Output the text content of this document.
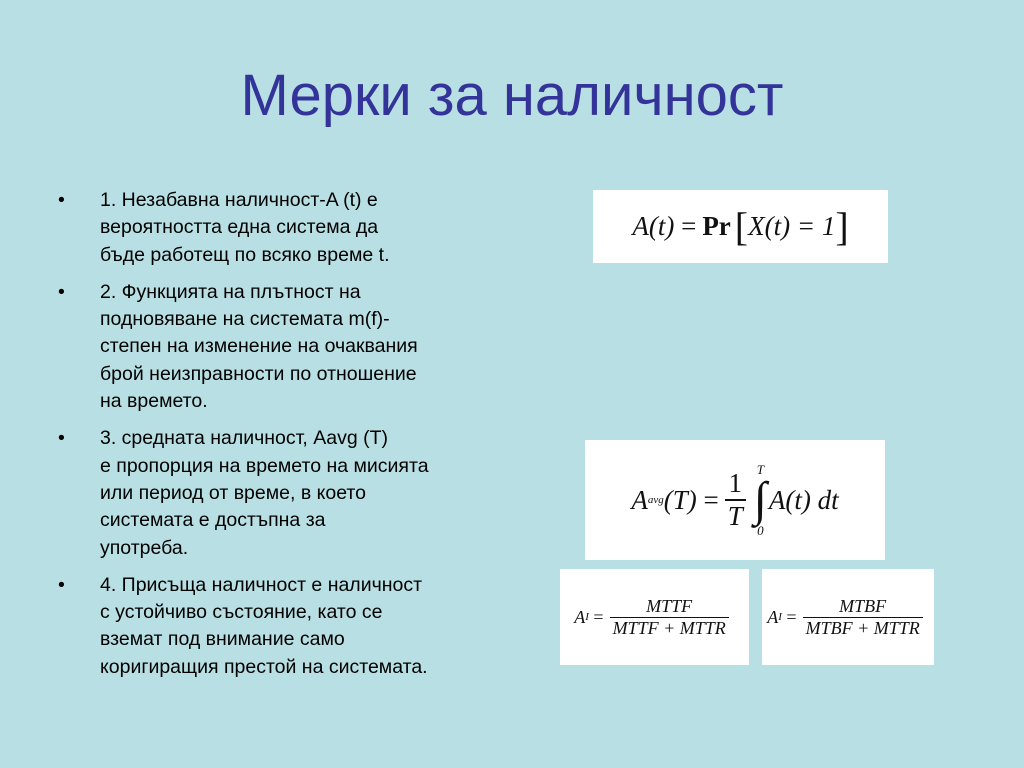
Мерки за наличност
• 1. Незабавна наличност-A (t) е
вероятността една система да
бъде работещ по всяко време t.
• 2. Функцията на плътност на
подновяване на системата m(f)-
степен на изменение на очаквания
брой неизправности по отношение
на времето.
• 3. средната наличност, Aavg (T)
е пропорция на времето на мисията
или период от време, в което
системата е достъпна за
употреба.
• 4. Присъща наличност е наличност
с устойчиво състояние, като се
вземат под внимание само
коригиращия престой на системата.
A(t)
= Pr [ X(t) = 1 ]
A avg (T)
= $\frac{1}{T}$ T
∫
0
A(t) dt
A I
= $\frac{\text{MTTF}}{\text{MTTF + MTTR}}$ A I
= $\frac{\text{MTBF}}{\text{MTBF + MTTR}}$
